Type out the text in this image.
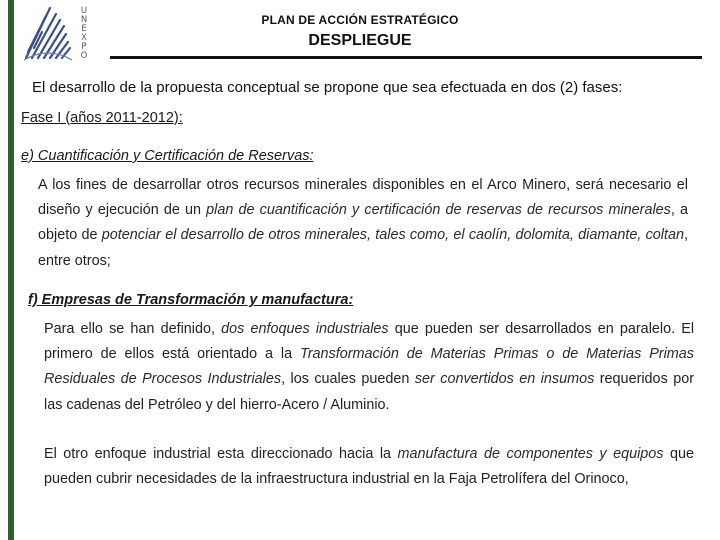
U
N
E
X
P
O
PLAN DE ACCIÓN ESTRATÉGICO
DESPLIEGUE
El desarrollo de la propuesta conceptual se propone que sea efectuada en dos (2) fases:
Fase I (años 2011-2012):
e) Cuantificación y Certificación de Reservas:

A los fines de desarrollar otros recursos minerales disponibles en el Arco Minero, será necesario el diseño y ejecución de un plan de cuantificación y certificación de reservas de recursos minerales, a objeto de potenciar el desarrollo de otros minerales, tales como, el caolín, dolomita, diamante, coltan, entre otros;

f) Empresas de Transformación y manufactura:

Para ello se han definido, dos enfoques industriales que pueden ser desarrollados en paralelo. El primero de ellos está orientado a la Transformación de Materias Primas o de Materias Primas Residuales de Procesos Industriales, los cuales pueden ser convertidos en insumos requeridos por las cadenas del Petróleo y del hierro-Acero / Aluminio.

El otro enfoque industrial esta direccionado hacia la manufactura de componentes y equipos que pueden cubrir necesidades de la infraestructura industrial en la Faja Petrolífera del Orinoco,
